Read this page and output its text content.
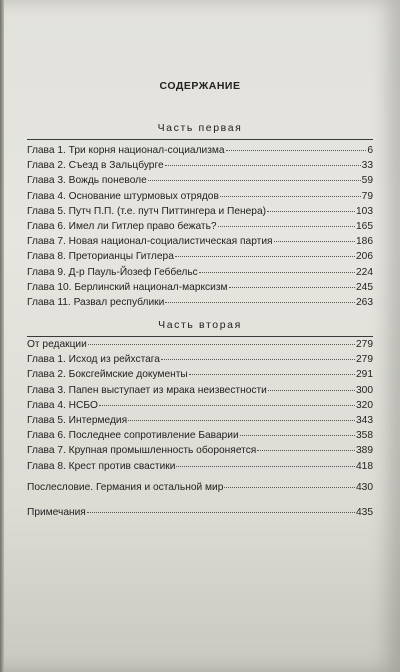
СОДЕРЖАНИЕ
Часть первая
Глава 1. Три корня национал-социализма	6
Глава 2. Съезд в Зальцбурге	33
Глава 3. Вождь поневоле	59
Глава 4. Основание штурмовых отрядов	79
Глава 5. Путч П.П. (т.е. путч Питтингера и Пенера)	103
Глава 6. Имел ли Гитлер право бежать?	165
Глава 7. Новая национал-социалистическая партия	186
Глава 8. Преторианцы Гитлера	206
Глава 9. Д-р Пауль-Йозеф Геббельс	224
Глава 10. Берлинский национал-марксизм	245
Глава 11. Развал республики	263
Часть вторая
От редакции	279
Глава 1. Исход из рейхстага	279
Глава 2. Боксгеймские документы	291
Глава 3. Папен выступает из мрака неизвестности	300
Глава 4. НСБО	320
Глава 5. Интермедия	343
Глава 6. Последнее сопротивление Баварии	358
Глава 7. Крупная промышленность обороняется	389
Глава 8. Крест против свастики	418
Послесловие. Германия и остальной мир	430
Примечания	435
